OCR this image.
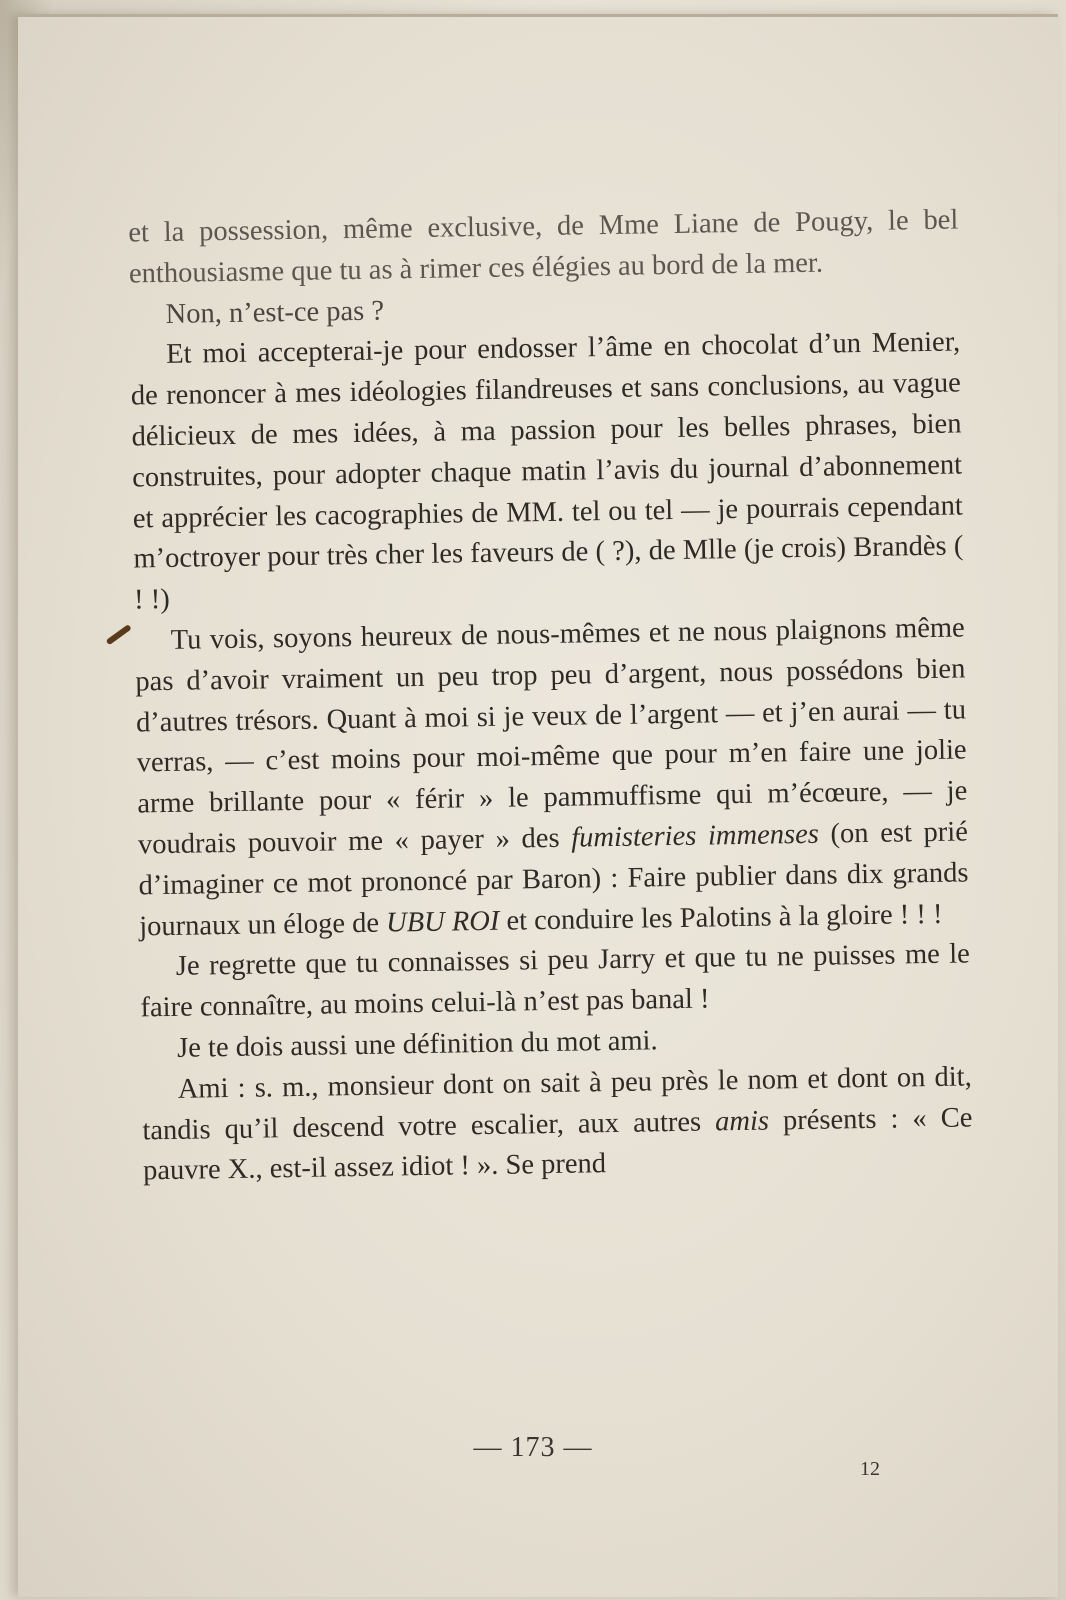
et la possession, même exclusive, de Mme Liane de Pougy, le bel enthousiasme que tu as à rimer ces élégies au bord de la mer.

Non, n’est-ce pas ?

Et moi accepterai-je pour endosser l’âme en chocolat d’un Menier, de renoncer à mes idéologies filandreuses et sans conclusions, au vague délicieux de mes idées, à ma passion pour les belles phrases, bien construites, pour adopter chaque matin l’avis du journal d’abonnement et apprécier les cacographies de MM. tel ou tel — je pourrais cependant m’octroyer pour très cher les faveurs de ( ?), de Mlle (je crois) Brandès ( ! !)

Tu vois, soyons heureux de nous-mêmes et ne nous plaignons même pas d’avoir vraiment un peu trop peu d’argent, nous possédons bien d’autres trésors. Quant à moi si je veux de l’argent — et j’en aurai — tu verras, — c’est moins pour moi-même que pour m’en faire une jolie arme brillante pour « férir » le pammuffisme qui m’écœure, — je voudrais pouvoir me « payer » des fumisteries immenses (on est prié d’imaginer ce mot prononcé par Baron) : Faire publier dans dix grands journaux un éloge de UBU ROI et conduire les Palotins à la gloire ! ! !

Je regrette que tu connaisses si peu Jarry et que tu ne puisses me le faire connaître, au moins celui-là n’est pas banal !

Je te dois aussi une définition du mot ami.

Ami : s. m., monsieur dont on sait à peu près le nom et dont on dit, tandis qu’il descend votre escalier, aux autres amis présents : « Ce pauvre X., est-il assez idiot ! ». Se prend

— 173 —
12
